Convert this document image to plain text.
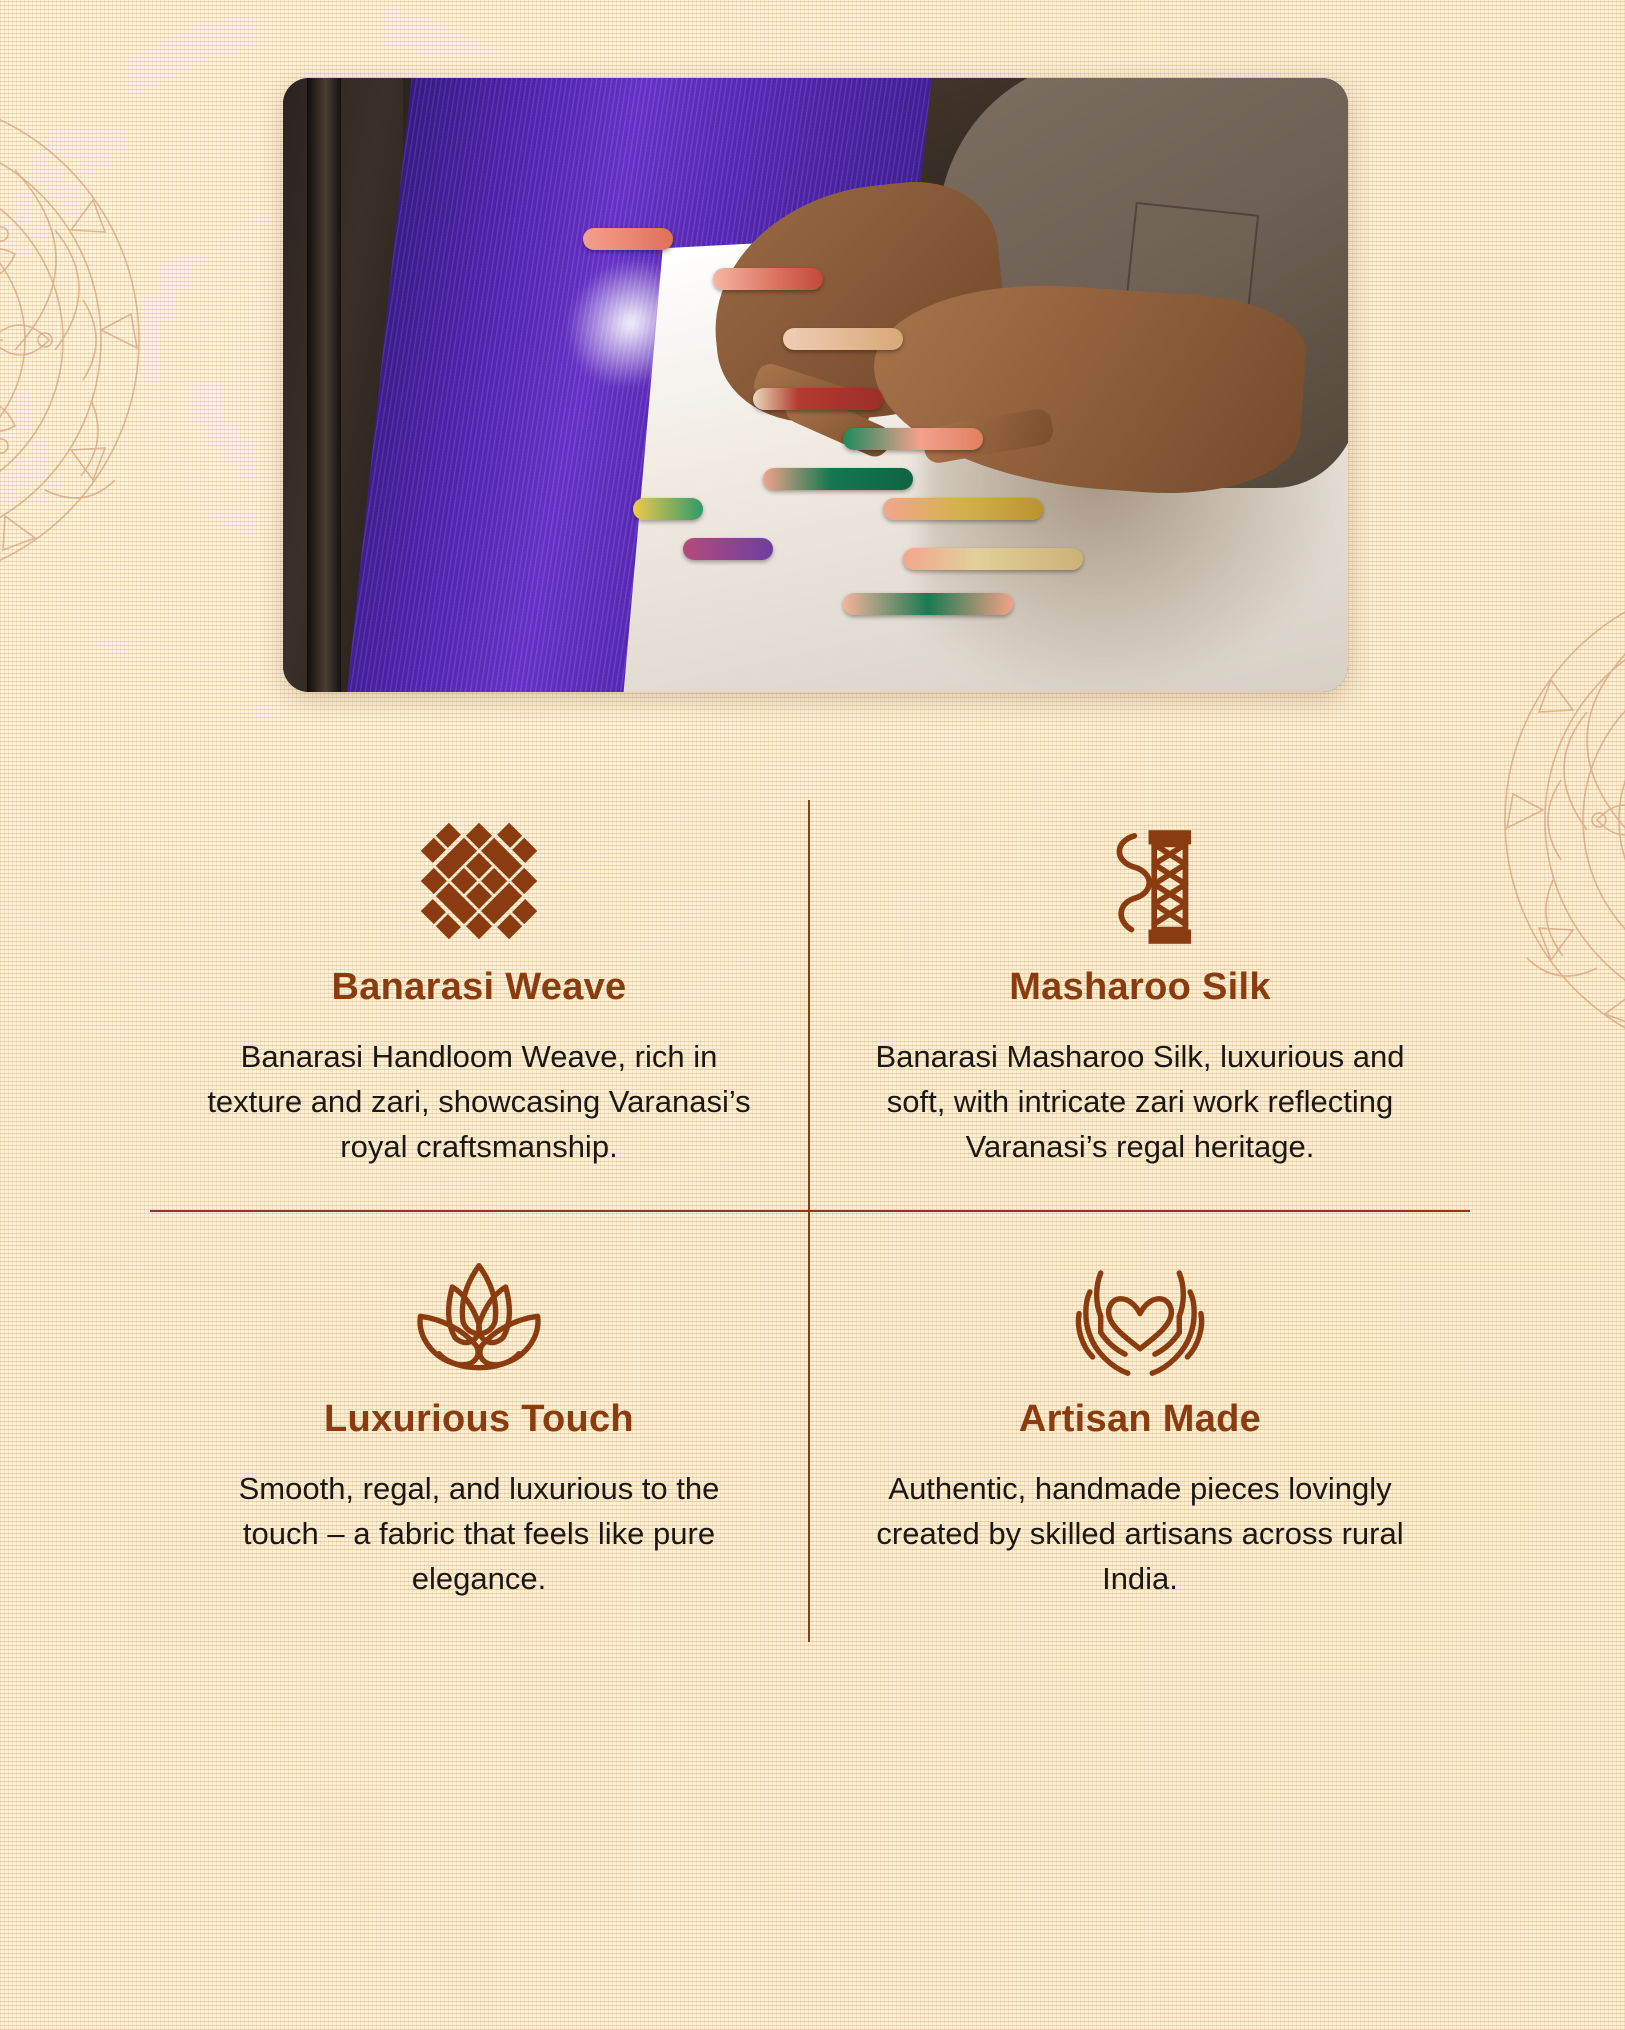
Banarasi Weave
Banarasi Handloom Weave, rich in texture and zari, showcasing Varanasi’s royal craftsmanship.
Masharoo Silk
Banarasi Masharoo Silk, luxurious and soft, with intricate zari work reflecting Varanasi’s regal heritage.
Luxurious Touch
Smooth, regal, and luxurious to the touch – a fabric that feels like pure elegance.
Artisan Made
Authentic, handmade pieces lovingly created by skilled artisans across rural India.
